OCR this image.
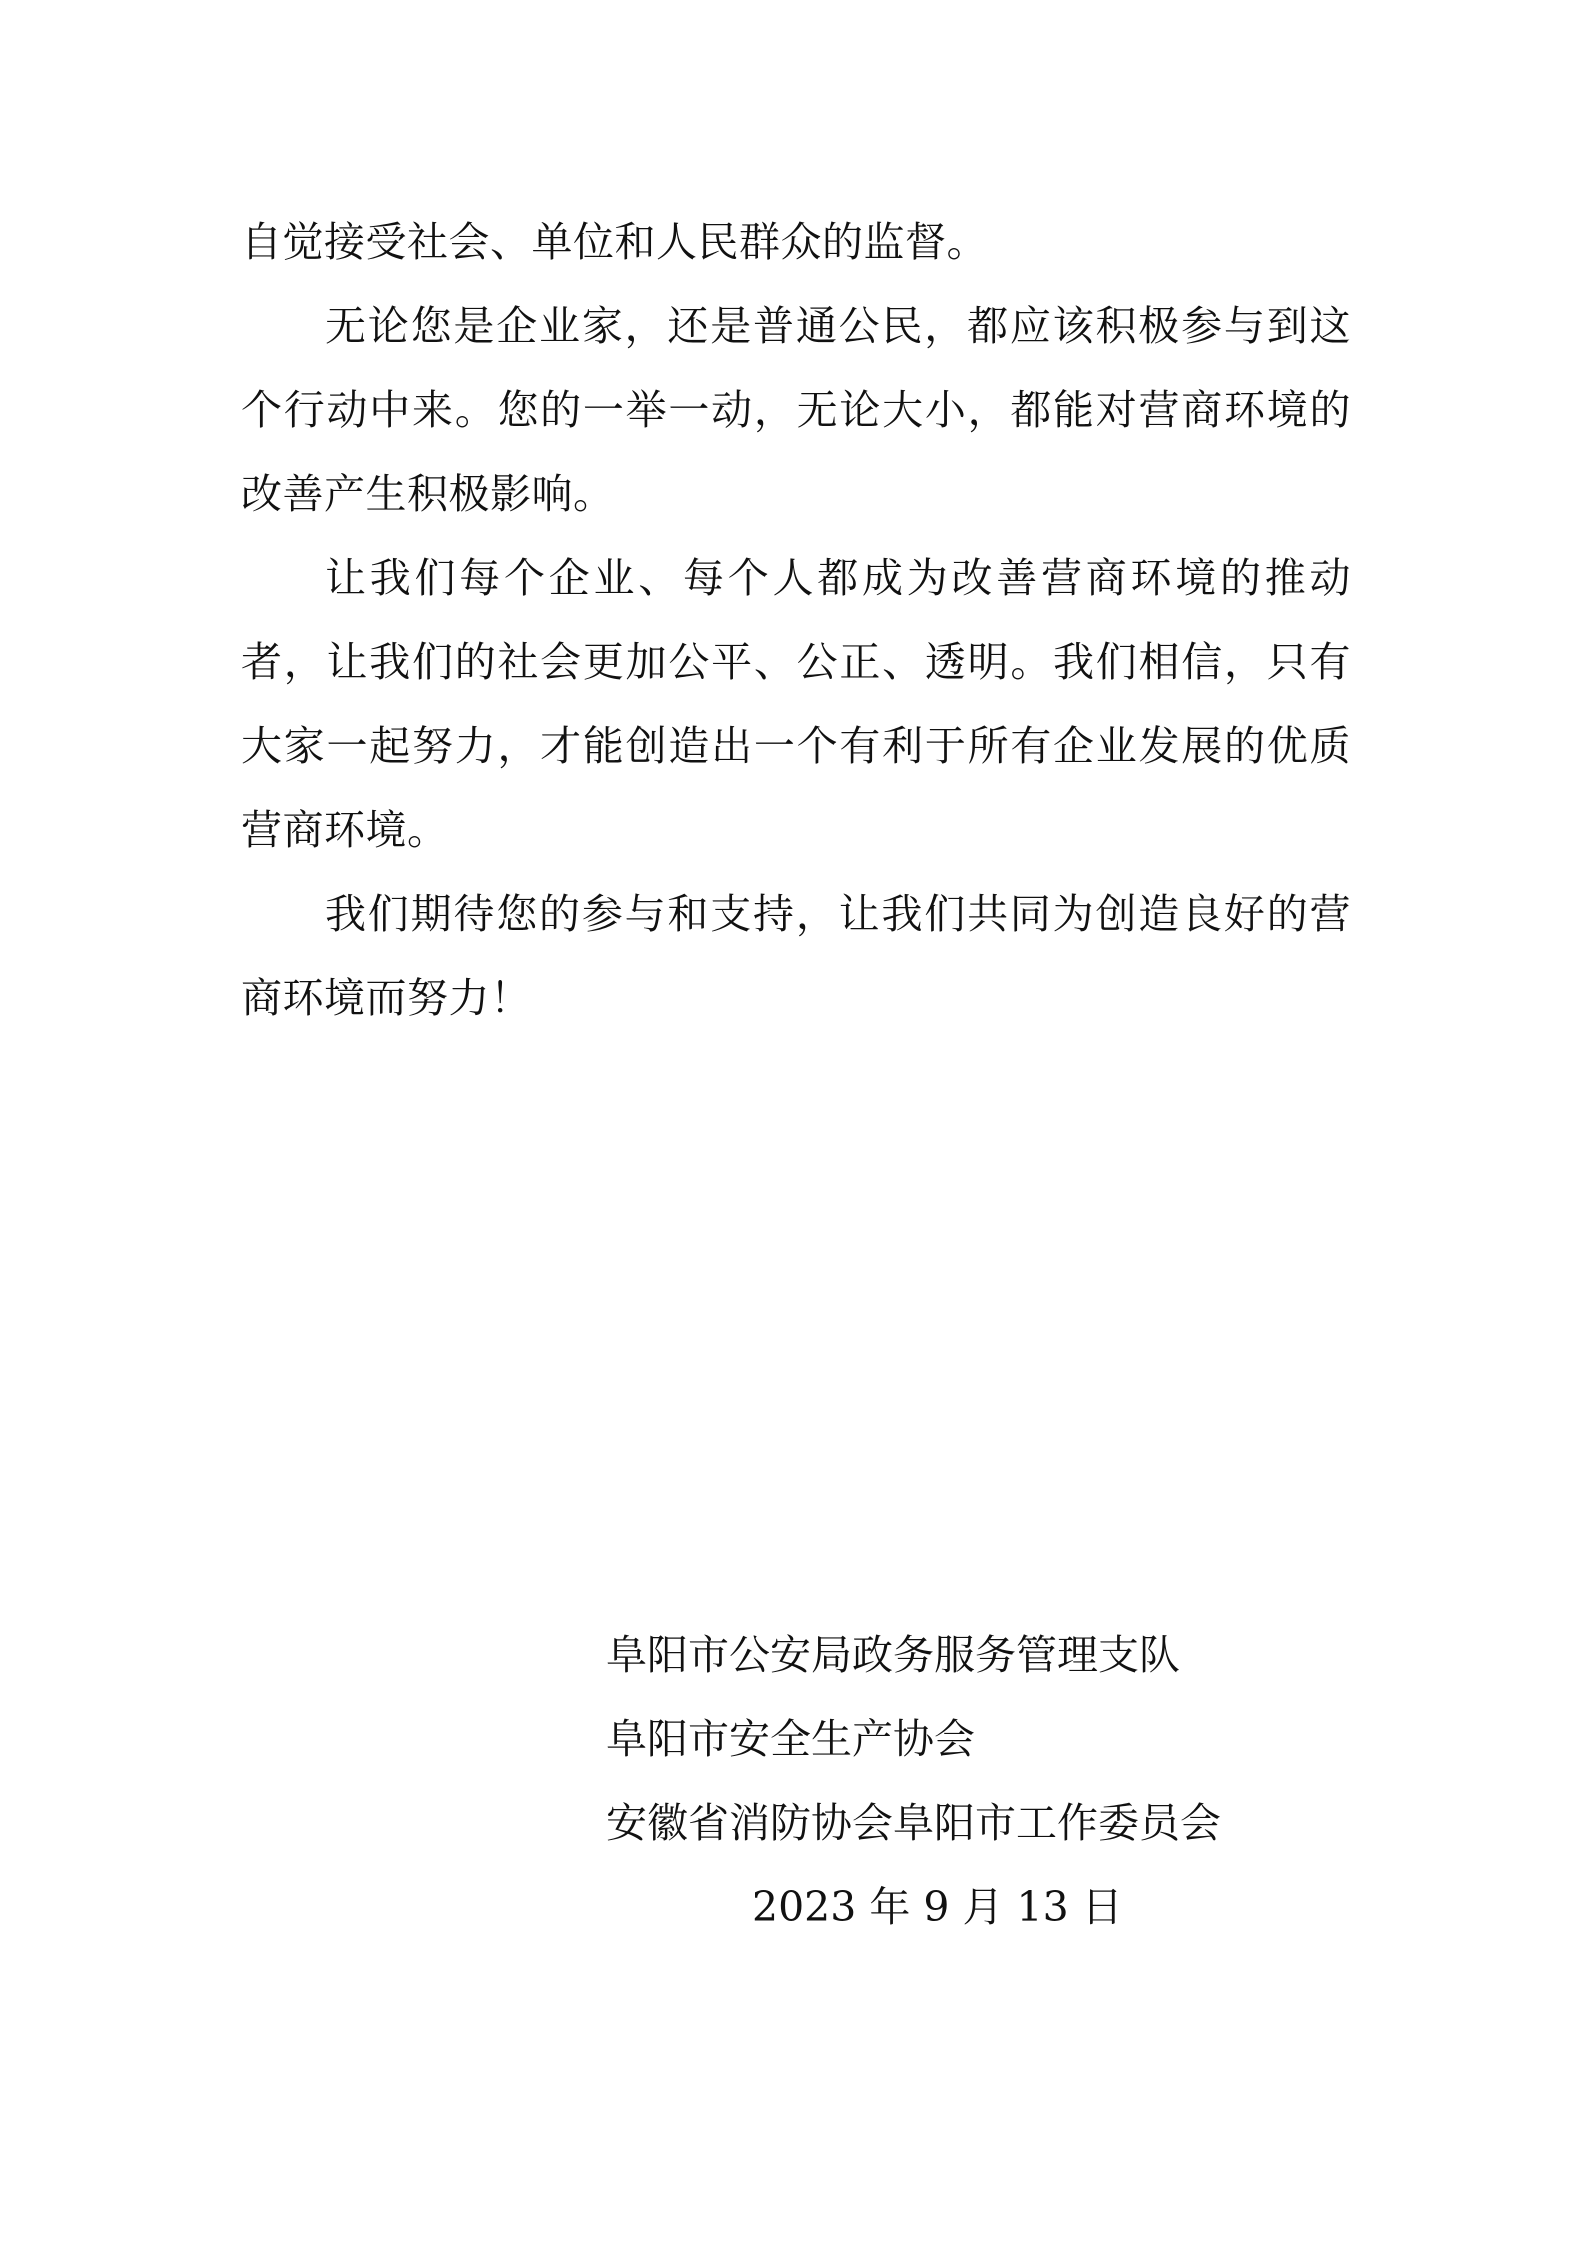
自觉接受社会、单位和人民群众的监督。

无论您是企业家，还是普通公民，都应该积极参与到这个行动中来。您的一举一动，无论大小，都能对营商环境的改善产生积极影响。

让我们每个企业、每个人都成为改善营商环境的推动者，让我们的社会更加公平、公正、透明。我们相信，只有大家一起努力，才能创造出一个有利于所有企业发展的优质营商环境。

我们期待您的参与和支持，让我们共同为创造良好的营商环境而努力！

阜阳市公安局政务服务管理支队
阜阳市安全生产协会
安徽省消防协会阜阳市工作委员会
2023 年 9 月 13 日
